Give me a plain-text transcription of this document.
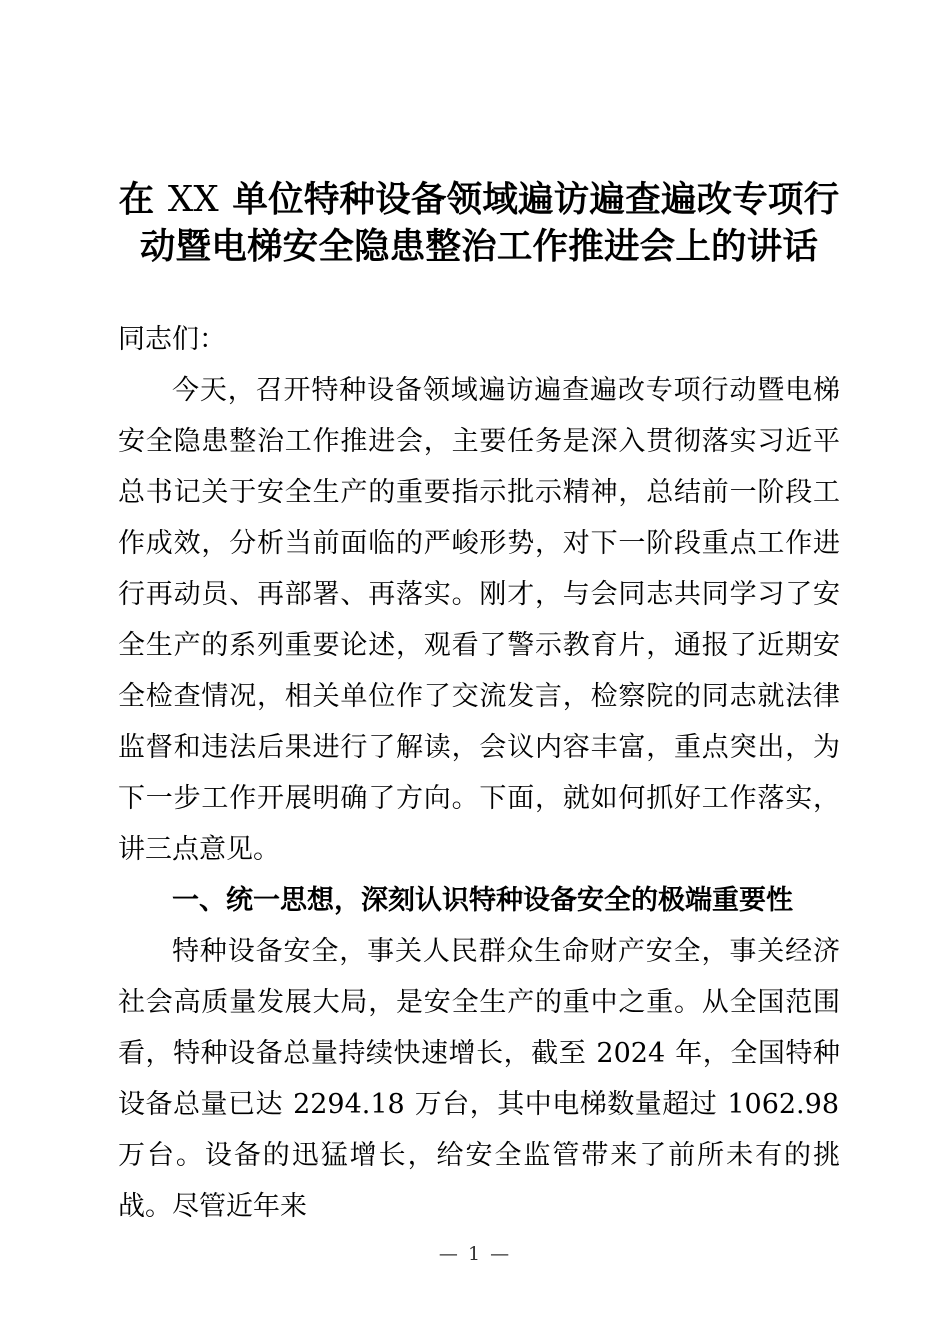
在 XX 单位特种设备领域遍访遍查遍改专项行动暨电梯安全隐患整治工作推进会上的讲话

同志们：

今天，召开特种设备领域遍访遍查遍改专项行动暨电梯安全隐患整治工作推进会，主要任务是深入贯彻落实习近平总书记关于安全生产的重要指示批示精神，总结前一阶段工作成效，分析当前面临的严峻形势，对下一阶段重点工作进行再动员、再部署、再落实。刚才，与会同志共同学习了安全生产的系列重要论述，观看了警示教育片，通报了近期安全检查情况，相关单位作了交流发言，检察院的同志就法律监督和违法后果进行了解读，会议内容丰富，重点突出，为下一步工作开展明确了方向。下面，就如何抓好工作落实，讲三点意见。

一、统一思想，深刻认识特种设备安全的极端重要性

特种设备安全，事关人民群众生命财产安全，事关经济社会高质量发展大局，是安全生产的重中之重。从全国范围看，特种设备总量持续快速增长，截至 2024 年，全国特种设备总量已达 2294.18 万台，其中电梯数量超过 1062.98 万台。设备的迅猛增长，给安全监管带来了前所未有的挑战。尽管近年来

— 1 —
